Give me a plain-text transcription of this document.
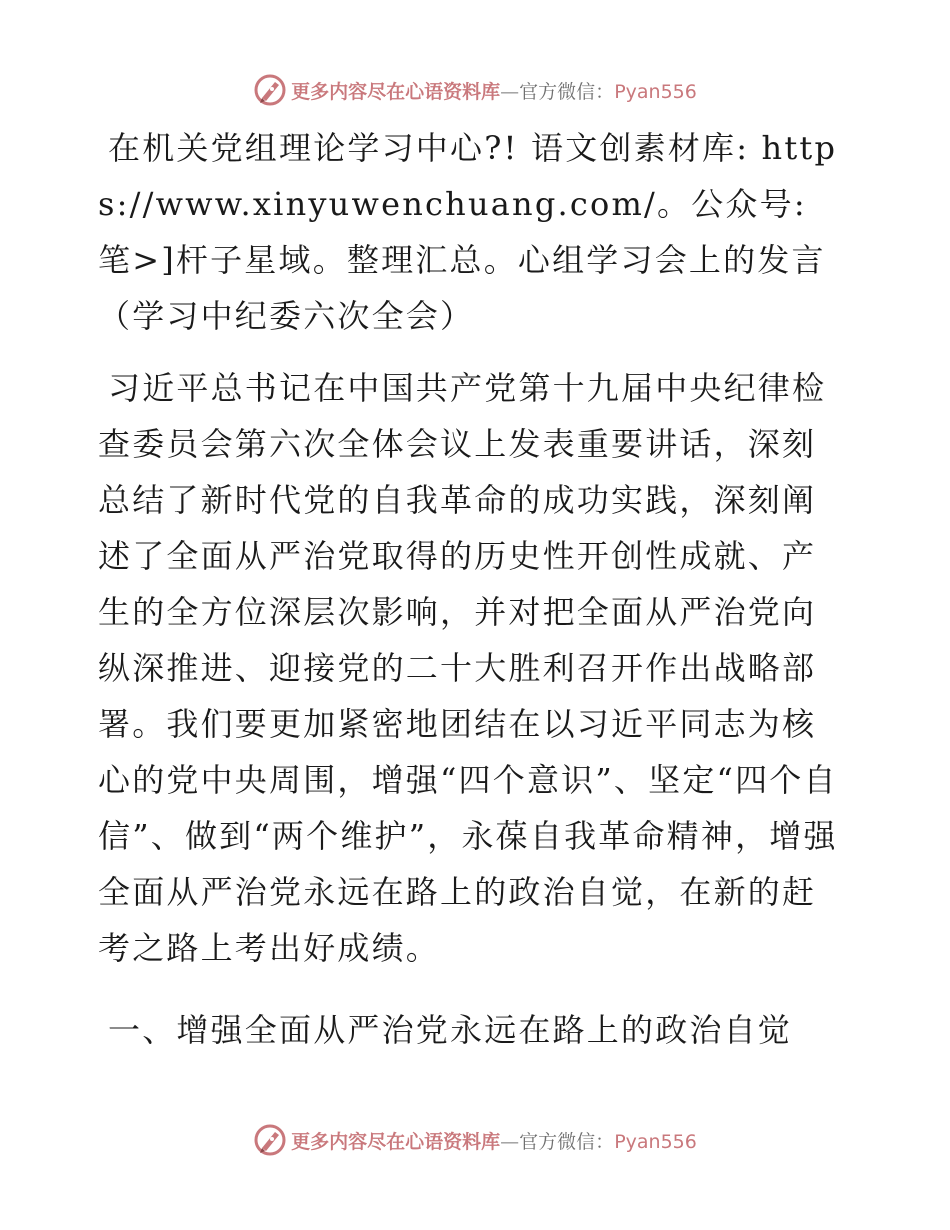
更多内容尽在心语资料库—官方微信：Pyan556

在机关党组理论学习中心?! 语文创素材库: https://www.xinyuwenchuang.com/。公众号: 笔>]杆子星域。整理汇总。心组学习会上的发言（学习中纪委六次全会）

习近平总书记在中国共产党第十九届中央纪律检查委员会第六次全体会议上发表重要讲话，深刻总结了新时代党的自我革命的成功实践，深刻阐述了全面从严治党取得的历史性开创性成就、产生的全方位深层次影响，并对把全面从严治党向纵深推进、迎接党的二十大胜利召开作出战略部署。我们要更加紧密地团结在以习近平同志为核心的党中央周围，增强“四个意识”、坚定“四个自信”、做到“两个维护”，永葆自我革命精神，增强全面从严治党永远在路上的政治自觉，在新的赶考之路上考出好成绩。

一、增强全面从严治党永远在路上的政治自觉

更多内容尽在心语资料库—官方微信：Pyan556
